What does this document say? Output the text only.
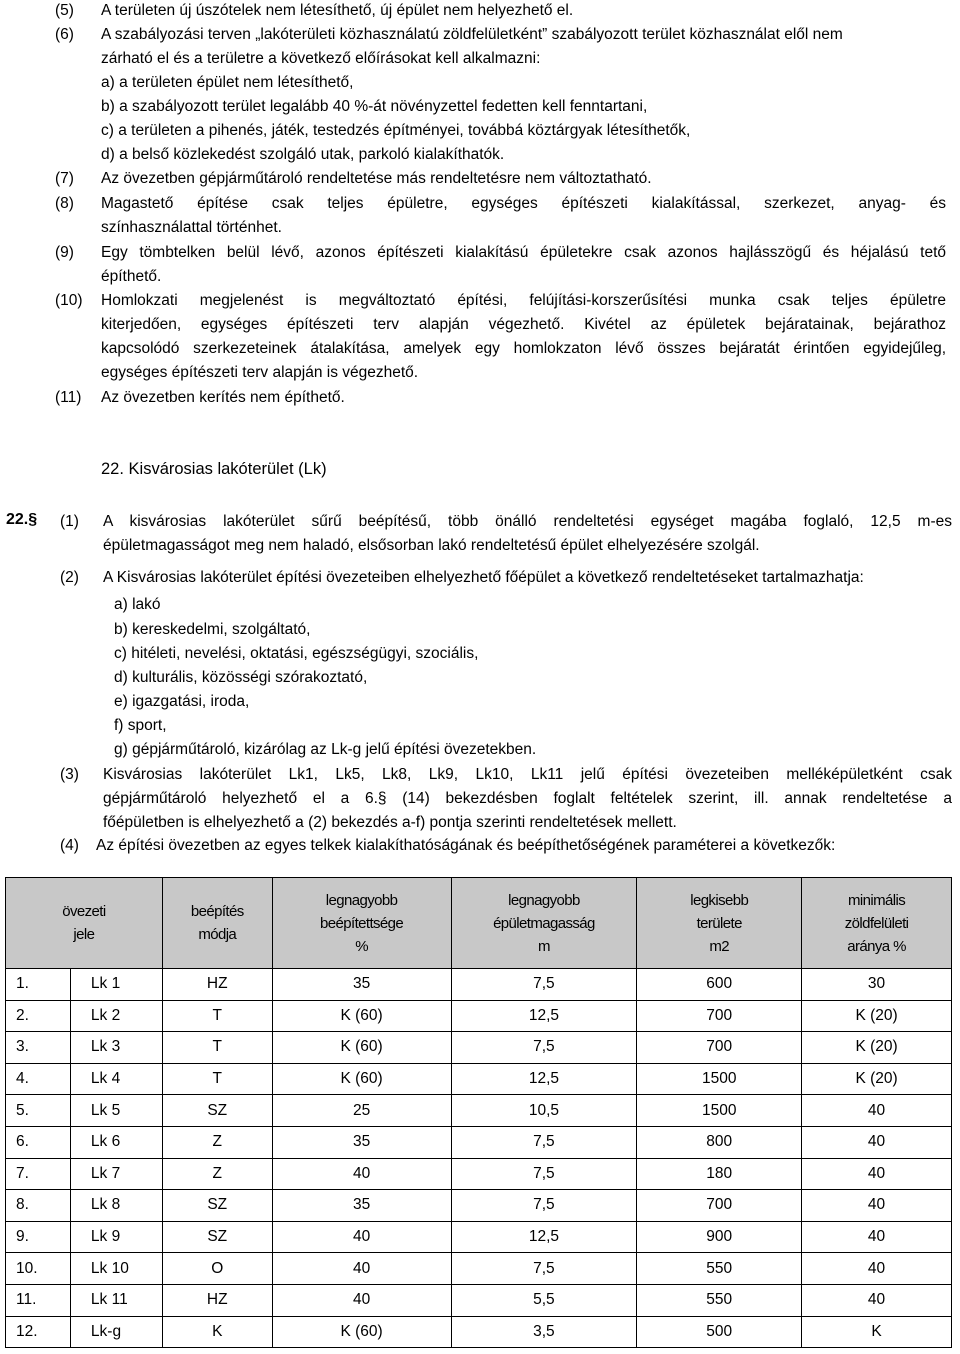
(5) A területen új úszótelek nem létesíthető, új épület nem helyezhető el.
(6) A szabályozási terven „lakóterületi közhasználatú zöldfelületként” szabályozott terület közhasználat elől nem
zárható el és a területre a következő előírásokat kell alkalmazni:
a) a területen épület nem létesíthető,
b) a szabályozott terület legalább 40 %-át növényzettel fedetten kell fenntartani,
c) a területen a pihenés, játék, testedzés építményei, továbbá köztárgyak létesíthetők,
d) a belső közlekedést szolgáló utak, parkoló kialakíthatók.
(7) Az övezetben gépjárműtároló rendeltetése más rendeltetésre nem változtatható.
(8) Magastető építése csak teljes épületre, egységes építészeti kialakítással, szerkezet, anyag- és
színhasználattal történhet.
(9) Egy tömbtelken belül lévő, azonos építészeti kialakítású épületekre csak azonos hajlásszögű és héjalású tető
építhető.
(10) Homlokzati megjelenést is megváltoztató építési, felújítási-korszerűsítési munka csak teljes épületre
kiterjedően, egységes építészeti terv alapján végezhető. Kivétel az épületek bejáratainak, bejárathoz
kapcsolódó szerkezeteinek átalakítása, amelyek egy homlokzaton lévő összes bejáratát érintően egyidejűleg,
egységes építészeti terv alapján is végezhető.
(11) Az övezetben kerítés nem építhető.
22. Kisvárosias lakóterület (Lk)
22.§ (1) A kisvárosias lakóterület sűrű beépítésű, több önálló rendeltetési egységet magába foglaló, 12,5 m-es
épületmagasságot meg nem haladó, elsősorban lakó rendeltetésű épület elhelyezésére szolgál.
(2) A Kisvárosias lakóterület építési övezeteiben elhelyezhető főépület a következő rendeltetéseket tartalmazhatja:
a) lakó
b) kereskedelmi, szolgáltató,
c) hitéleti, nevelési, oktatási, egészségügyi, szociális,
d) kulturális, közösségi szórakoztató,
e) igazgatási, iroda,
f) sport,
g) gépjárműtároló, kizárólag az Lk-g jelű építési övezetekben.
(3) Kisvárosias lakóterület Lk1, Lk5, Lk8, Lk9, Lk10, Lk11 jelű építési övezeteiben melléképületként csak
gépjárműtároló helyezhető el a 6.§ (14) bekezdésben foglalt feltételek szerint, ill. annak rendeltetése a
főépületben is elhelyezhető a (2) bekezdés a-f) pontja szerinti rendeltetések mellett.
(4) Az építési övezetben az egyes telkek kialakíthatóságának és beépíthetőségének paraméterei a következők:
övezeti
jele		beépítés
módja	legnagyobb
beépítettsége
%	legnagyobb
épületmagasság
m	legkisebb
területe
m2	minimális
zöldfelületi
aránya %

1.	Lk 1	HZ	35	7,5	600	30
2.	Lk 2	T	K (60)	12,5	700	K (20)
3.	Lk 3	T	K (60)	7,5	700	K (20)
4.	Lk 4	T	K (60)	12,5	1500	K (20)
5.	Lk 5	SZ	25	10,5	1500	40
6.	Lk 6	Z	35	7,5	800	40
7.	Lk 7	Z	40	7,5	180	40
8.	Lk 8	SZ	35	7,5	700	40
9.	Lk 9	SZ	40	12,5	900	40
10.	Lk 10	O	40	7,5	550	40
11.	Lk 11	HZ	40	5,5	550	40
12.	Lk-g	K	K (60)	3,5	500	K
